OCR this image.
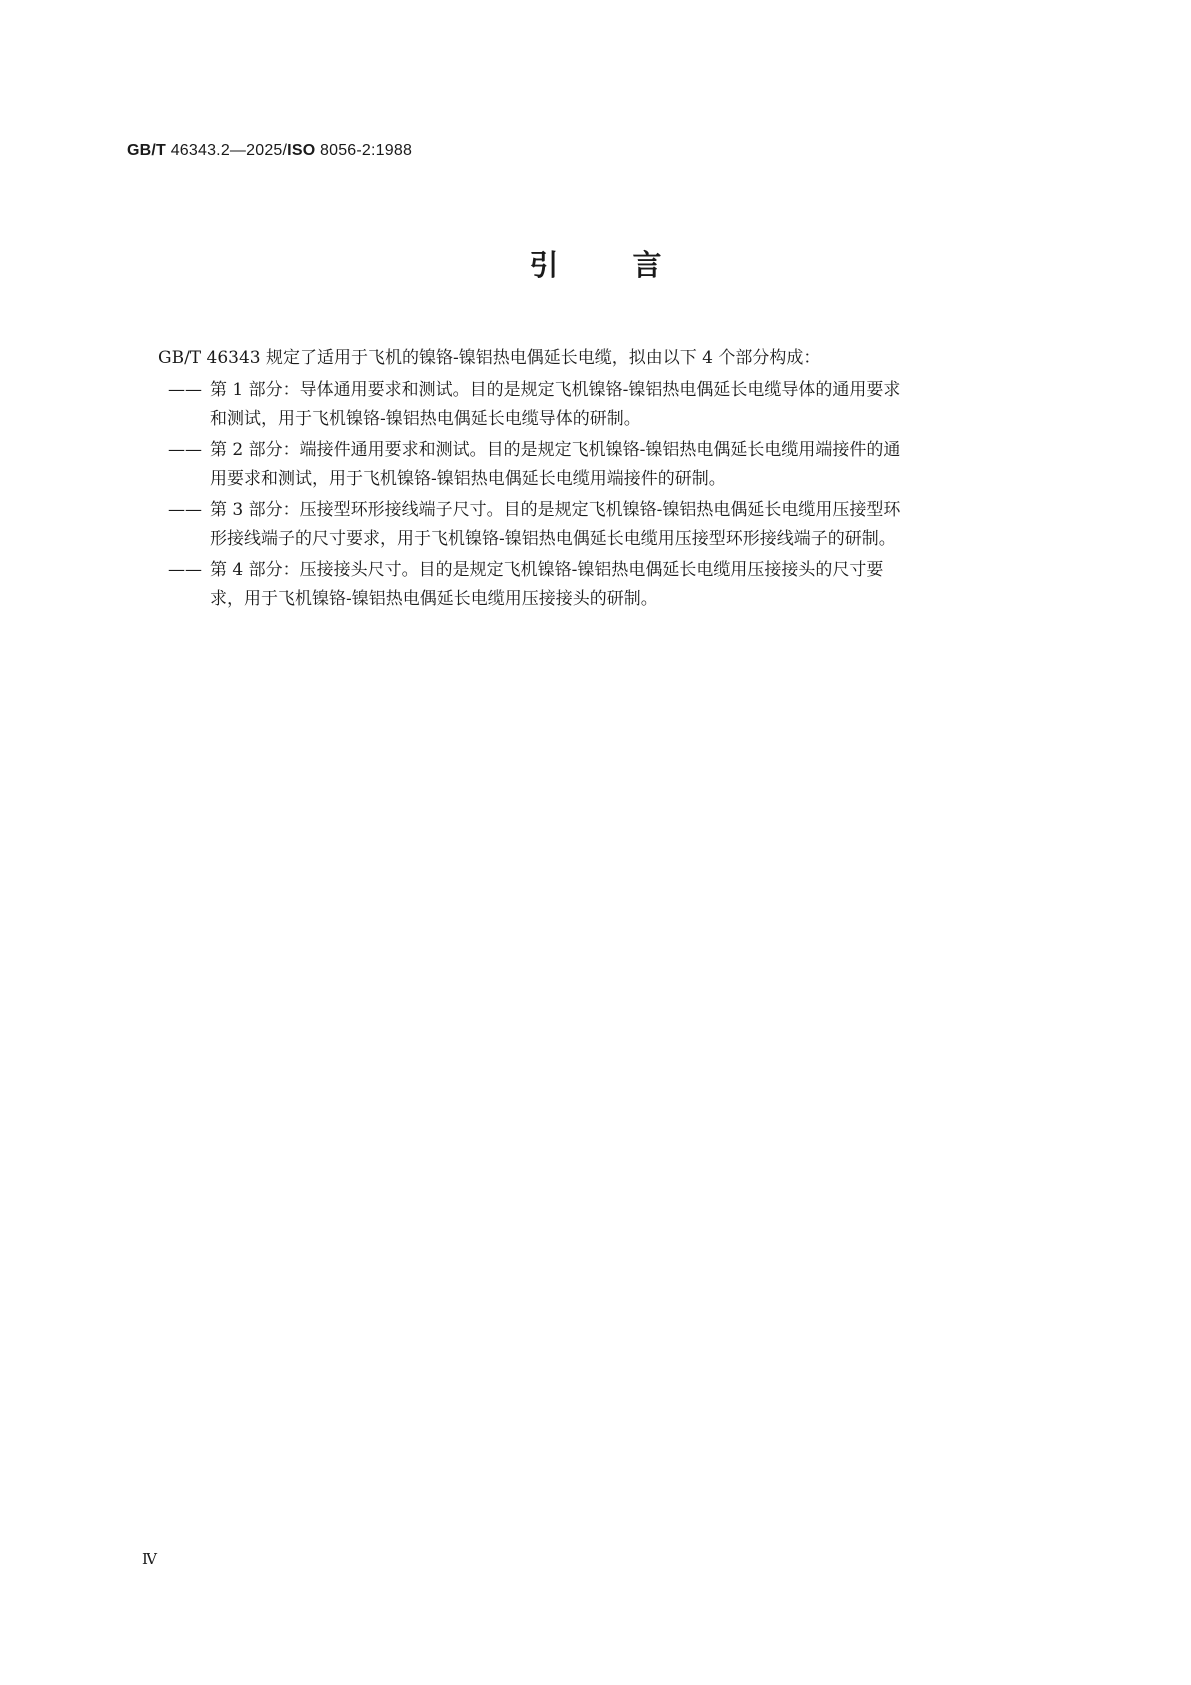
GB/T 46343.2—2025/ISO 8056-2:1988
引	言
GB/T 46343 规定了适用于飞机的镍铬-镍铝热电偶延长电缆，拟由以下 4 个部分构成：
—— 第 1 部分：导体通用要求和测试。目的是规定飞机镍铬-镍铝热电偶延长电缆导体的通用要求
和测试，用于飞机镍铬-镍铝热电偶延长电缆导体的研制。
—— 第 2 部分：端接件通用要求和测试。目的是规定飞机镍铬-镍铝热电偶延长电缆用端接件的通
用要求和测试，用于飞机镍铬-镍铝热电偶延长电缆用端接件的研制。
—— 第 3 部分：压接型环形接线端子尺寸。目的是规定飞机镍铬-镍铝热电偶延长电缆用压接型环
形接线端子的尺寸要求，用于飞机镍铬-镍铝热电偶延长电缆用压接型环形接线端子的研制。
—— 第 4 部分：压接接头尺寸。目的是规定飞机镍铬-镍铝热电偶延长电缆用压接接头的尺寸要
求，用于飞机镍铬-镍铝热电偶延长电缆用压接接头的研制。
Ⅳ
